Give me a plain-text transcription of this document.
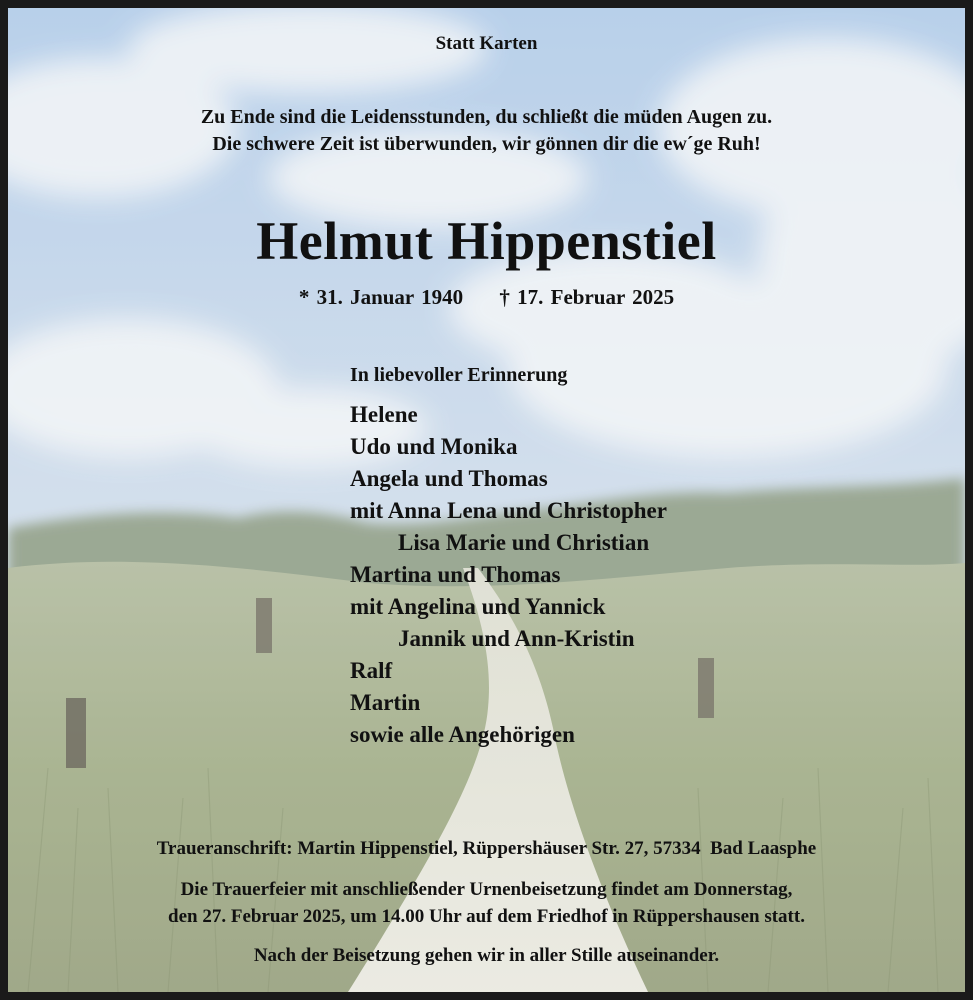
Statt Karten
Zu Ende sind die Leidensstunden, du schließt die müden Augen zu.
Die schwere Zeit ist überwunden, wir gönnen dir die ew´ge Ruh!
Helmut Hippenstiel
* 31. Januar 1940 † 17. Februar 2025
In liebevoller Erinnerung
Helene
Udo und Monika
Angela und Thomas
mit Anna Lena und Christopher
Lisa Marie und Christian
Martina und Thomas
mit Angelina und Yannick
Jannik und Ann-Kristin
Ralf
Martin
sowie alle Angehörigen
Traueranschrift: Martin Hippenstiel, Rüppershäuser Str. 27, 57334  Bad Laasphe
Die Trauerfeier mit anschließender Urnenbeisetzung findet am Donnerstag,
den 27. Februar 2025, um 14.00 Uhr auf dem Friedhof in Rüppershausen statt.
Nach der Beisetzung gehen wir in aller Stille auseinander.
